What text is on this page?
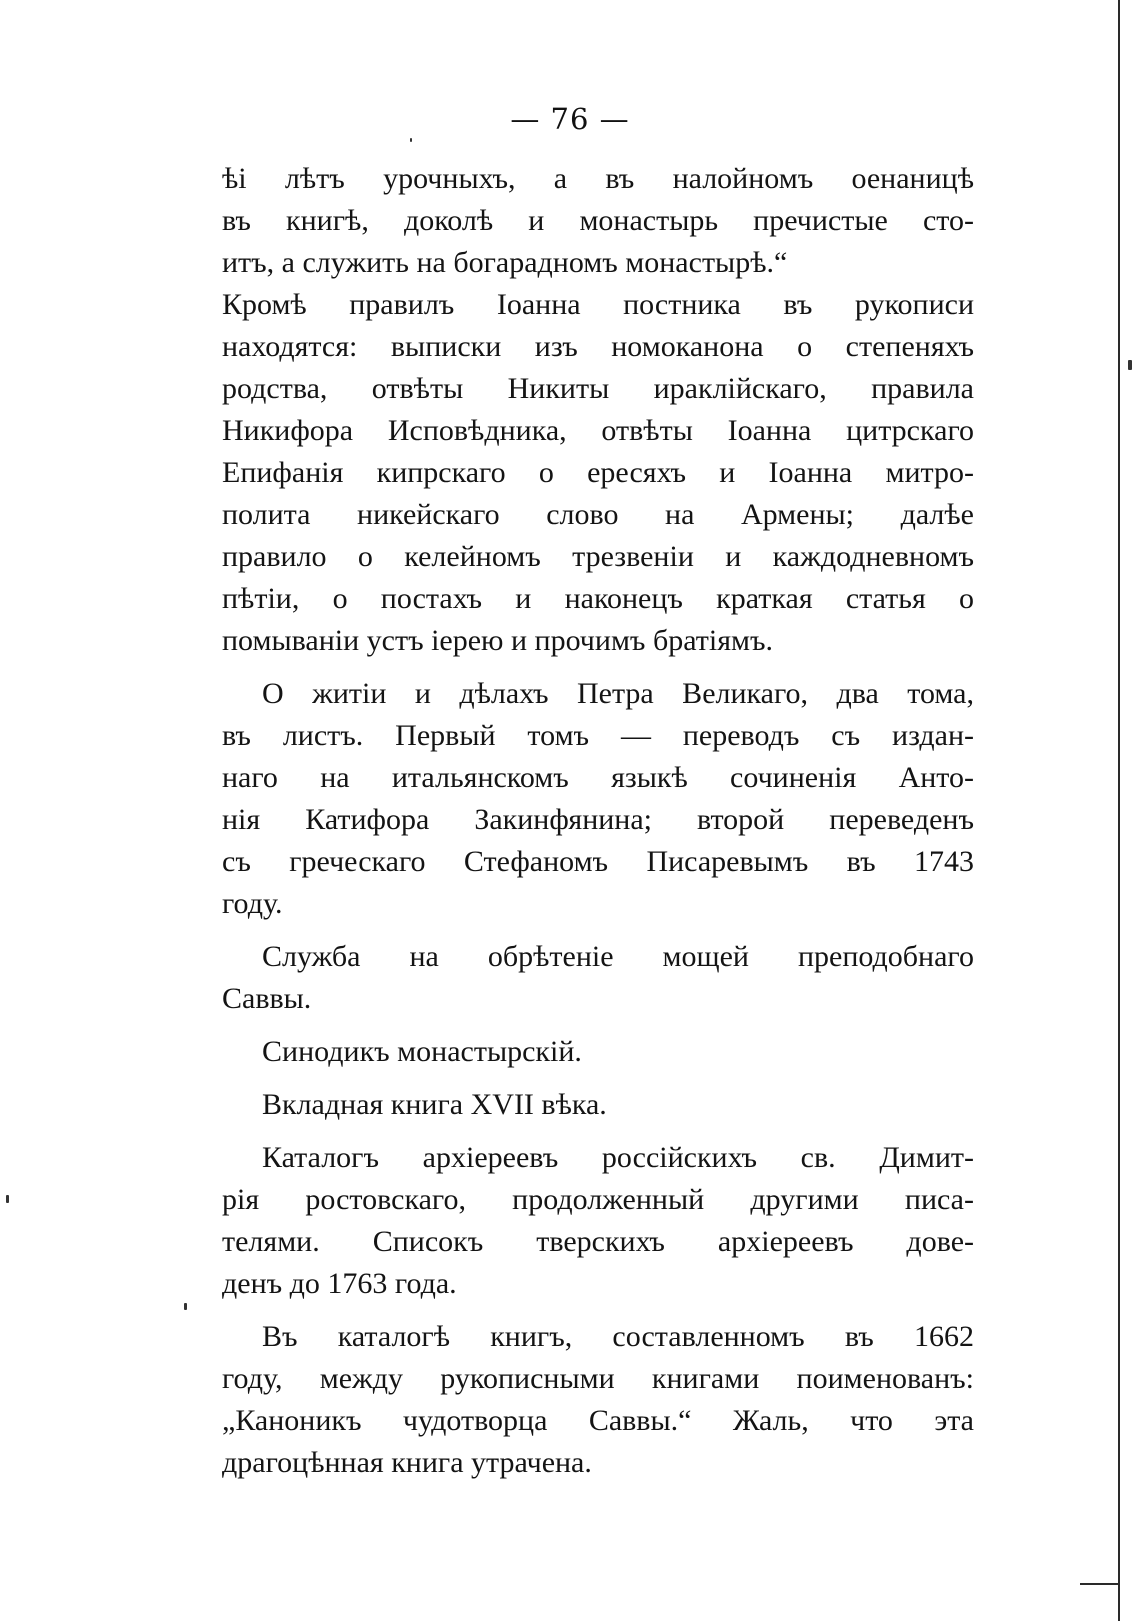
— 76 —
ѣі лѣтъ урочныхъ, а въ налойномъ оенаницѣ
въ книгѣ, доколѣ и монастырь пречистые сто-
итъ, а служить на богарадномъ монастырѣ.“
Кромѣ правилъ Іоанна постника въ рукописи
находятся: выписки изъ номоканона о степеняхъ
родства, отвѣты Никиты ираклійскаго, правила
Никифора Исповѣдника, отвѣты Іоанна цитрскаго
Епифанія кипрскаго о ересяхъ и Іоанна митро-
полита никейскаго слово на Армены; далѣе
правило о келейномъ трезвеніи и каждодневномъ
пѣтіи, о постахъ и наконецъ краткая статья о
помываніи устъ іерею и прочимъ братіямъ.
О житіи и дѣлахъ Петра Великаго, два тома,
въ листъ. Первый томъ — переводъ съ издан-
наго на итальянскомъ языкѣ сочиненія Анто-
нія Катифора Закинфянина; второй переведенъ
съ греческаго Стефаномъ Писаревымъ въ 1743
году.
Служба на обрѣтеніе мощей преподобнаго
Саввы.
Синодикъ монастырскій.
Вкладная книга XVII вѣка.
Каталогъ архіереевъ россійскихъ св. Димит-
рія ростовскаго, продолженный другими писа-
телями. Списокъ тверскихъ архіереевъ дове-
денъ до 1763 года.
Въ каталогѣ книгъ, составленномъ въ 1662
году, между рукописными книгами поименованъ:
„Каноникъ чудотворца Саввы.“ Жаль, что эта
драгоцѣнная книга утрачена.
